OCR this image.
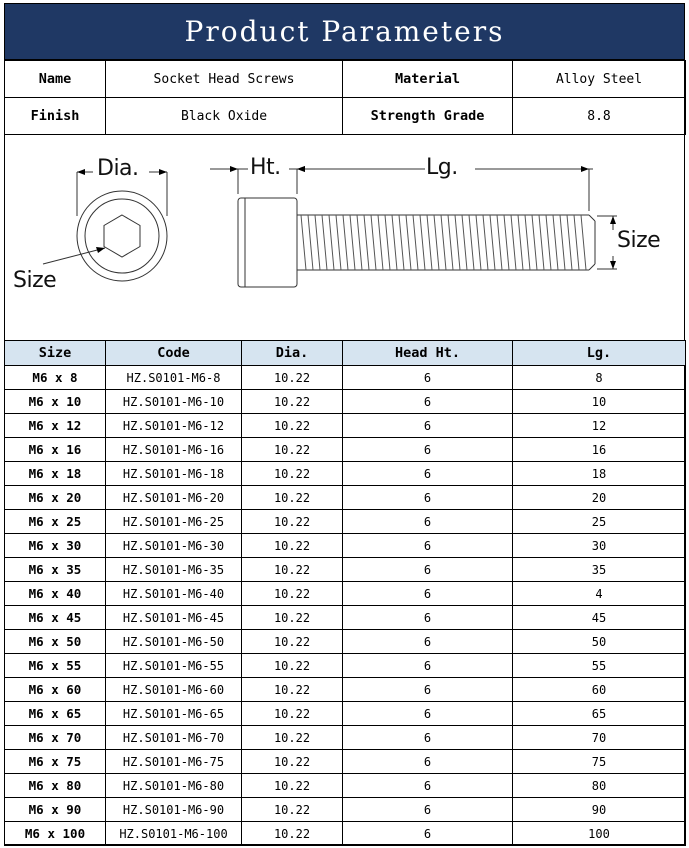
Product Parameters
Name	Socket Head Screws	Material	Alloy Steel
Finish	Black Oxide	Strength Grade	8.8
Dia.
Size
Ht.	Lg.
Size
Size	Code	Dia.	Head Ht.	Lg.
M6 x 8	HZ.S0101-M6-8	10.22	6	8
M6 x 10	HZ.S0101-M6-10	10.22	6	10
M6 x 12	HZ.S0101-M6-12	10.22	6	12
M6 x 16	HZ.S0101-M6-16	10.22	6	16
M6 x 18	HZ.S0101-M6-18	10.22	6	18
M6 x 20	HZ.S0101-M6-20	10.22	6	20
M6 x 25	HZ.S0101-M6-25	10.22	6	25
M6 x 30	HZ.S0101-M6-30	10.22	6	30
M6 x 35	HZ.S0101-M6-35	10.22	6	35
M6 x 40	HZ.S0101-M6-40	10.22	6	4
M6 x 45	HZ.S0101-M6-45	10.22	6	45
M6 x 50	HZ.S0101-M6-50	10.22	6	50
M6 x 55	HZ.S0101-M6-55	10.22	6	55
M6 x 60	HZ.S0101-M6-60	10.22	6	60
M6 x 65	HZ.S0101-M6-65	10.22	6	65
M6 x 70	HZ.S0101-M6-70	10.22	6	70
M6 x 75	HZ.S0101-M6-75	10.22	6	75
M6 x 80	HZ.S0101-M6-80	10.22	6	80
M6 x 90	HZ.S0101-M6-90	10.22	6	90
M6 x 100	HZ.S0101-M6-100	10.22	6	100
